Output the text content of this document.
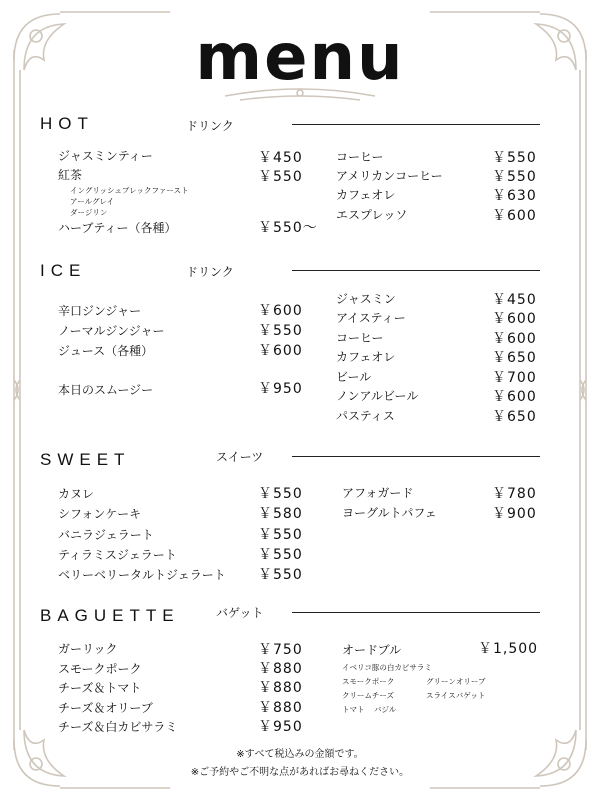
menu
HOT	ドリンク
ジャスミンティー	￥450
紅茶	￥550
イングリッシュブレックファースト
アールグレイ
ダージリン
ハーブティー（各種）	￥550〜
コーヒー	￥550
アメリカンコーヒー	￥550
カフェオレ	￥630
エスプレッソ	￥600
ICE	ドリンク
辛口ジンジャー	￥600
ノーマルジンジャー	￥550
ジュース（各種）	￥600
本日のスムージー	￥950
ジャスミン	￥450
アイスティー	￥600
コーヒー	￥600
カフェオレ	￥650
ビール	￥700
ノンアルビール	￥600
パスティス	￥650
SWEET	スイーツ
カヌレ	￥550
シフォンケーキ	￥580
バニラジェラート	￥550
ティラミスジェラート	￥550
ベリーベリータルトジェラート ￥550
アフォガード	￥780
ヨーグルトパフェ	￥900
BAGUETTE	バゲット
ガーリック	￥750
スモークポーク	￥880
チーズ＆トマト	￥880
チーズ＆オリーブ	￥880
チーズ＆白カビサラミ	￥950
オードブル	￥1,500
イベリコ豚の白カビサラミ
スモークポーク	グリーンオリーブ
クリームチーズ	スライスバゲット
トマト バジル
※すべて税込みの金額です。
※ご予約やご不明な点があればお尋ねください。
